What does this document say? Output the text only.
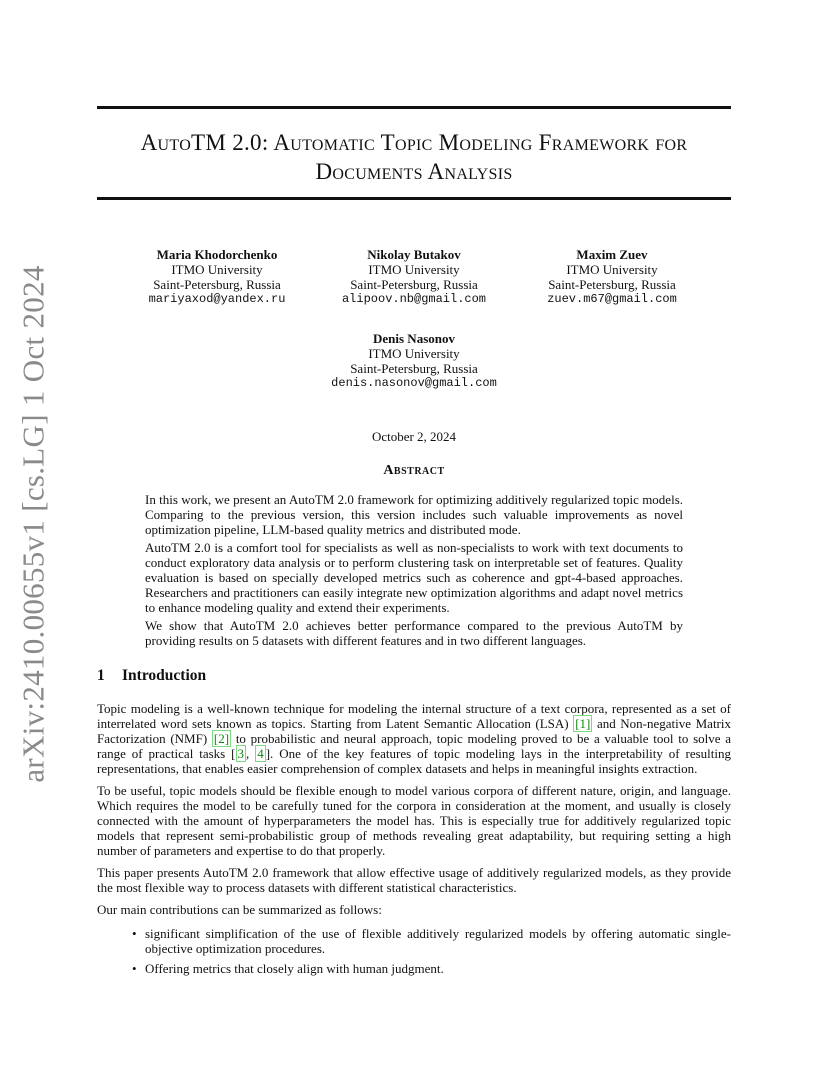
arXiv:2410.00655v1 [cs.LG] 1 Oct 2024
AutoTM 2.0: Automatic Topic Modeling Framework for
Documents Analysis
Maria Khodorchenko
ITMO University
Saint-Petersburg, Russia
mariyaxod@yandex.ru
Nikolay Butakov
ITMO University
Saint-Petersburg, Russia
alipoov.nb@gmail.com
Maxim Zuev
ITMO University
Saint-Petersburg, Russia
zuev.m67@gmail.com
Denis Nasonov
ITMO University
Saint-Petersburg, Russia
denis.nasonov@gmail.com
October 2, 2024
Abstract

In this work, we present an AutoTM 2.0 framework for optimizing additively regularized topic models. Comparing to the previous version, this version includes such valuable improvements as novel optimization pipeline, LLM-based quality metrics and distributed mode.

AutoTM 2.0 is a comfort tool for specialists as well as non-specialists to work with text documents to conduct exploratory data analysis or to perform clustering task on interpretable set of features. Quality evaluation is based on specially developed metrics such as coherence and gpt-4-based approaches. Researchers and practitioners can easily integrate new optimization algorithms and adapt novel metrics to enhance modeling quality and extend their experiments.

We show that AutoTM 2.0 achieves better performance compared to the previous AutoTM by providing results on 5 datasets with different features and in two different languages.

1 Introduction

Topic modeling is a well-known technique for modeling the internal structure of a text corpora, represented as a set of interrelated word sets known as topics. Starting from Latent Semantic Allocation (LSA) [1] and Non-negative Matrix Factorization (NMF) [2] to probabilistic and neural approach, topic modeling proved to be a valuable tool to solve a range of practical tasks [ 3 , 4 ]. One of the key features of topic modeling lays in the interpretability of resulting representations, that enables easier comprehension of complex datasets and helps in meaningful insights extraction.

To be useful, topic models should be flexible enough to model various corpora of different nature, origin, and language. Which requires the model to be carefully tuned for the corpora in consideration at the moment, and usually is closely connected with the amount of hyperparameters the model has. This is especially true for additively regularized topic models that represent semi-probabilistic group of methods revealing great adaptability, but requiring setting a high number of parameters and expertise to do that properly.

This paper presents AutoTM 2.0 framework that allow effective usage of additively regularized models, as they provide the most flexible way to process datasets with different statistical characteristics.

Our main contributions can be summarized as follows:

• significant simplification of the use of flexible additively regularized models by offering automatic single-objective optimization procedures.
• Offering metrics that closely align with human judgment.
